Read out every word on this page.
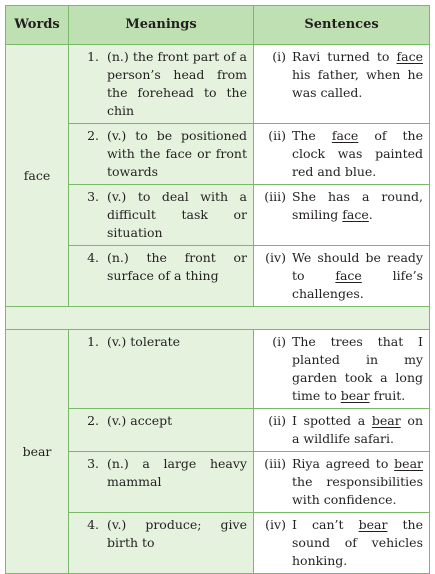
Words	Meanings	Sentences
face	1. (n.) the front part of a person’s head from the forehead to the chin	(i) Ravi turned to face his father, when he was called.

	2. (v.) to be positioned with the face or front towards	(ii) The face of the clock was painted red and blue.

	3. (v.) to deal with a difficult task or situation	(iii) She has a round, smiling face.

	4. (n.) the front or surface of a thing	(iv) We should be ready to face life’s challenges.

bear	1. (v.) tolerate	(i) The trees that I planted in my garden took a long time to bear fruit.

	2. (v.) accept	(ii) I spotted a bear on a wildlife safari.

	3. (n.) a large heavy mammal	(iii) Riya agreed to bear the responsibilities with confidence.

	4. (v.) produce; give birth to	(iv) I can’t bear the sound of vehicles honking.
